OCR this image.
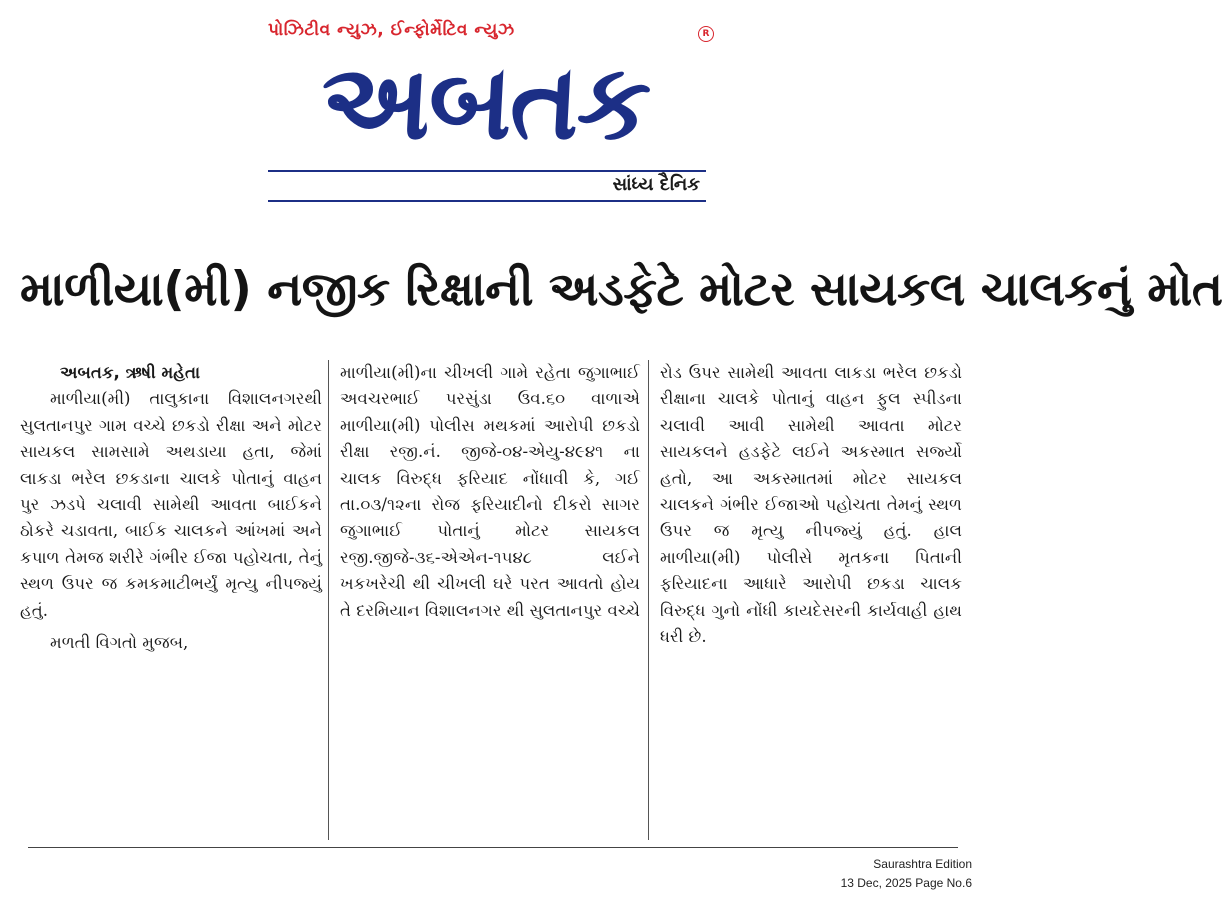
પોઝિટીવ ન્યુઝ, ઈન્ફોર્મેટિવ ન્યુઝ	R
અબતક
સાંધ્ય દૈનિક
માળીયા(મી) નજીક રિક્ષાની અડફેટે મોટર સાયકલ ચાલકનું મોત
અબતક, ઋષી મહેતા

માળીયા(મી) તાલુકાના વિશાલનગરથી સુલતાનપુર ગામ વચ્ચે છકડો રીક્ષા અને મોટર સાયકલ સામસામે અથડાયા હતા, જેમાં લાકડા ભરેલ છકડાના ચાલકે પોતાનું વાહન પુર ઝડપે ચલાવી સામેથી આવતા બાઈકને ઠોકરે ચડાવતા, બાઈક ચાલકને આંખમાં અને કપાળ તેમજ શરીરે ગંભીર ઈજા પહોચતા, તેનું સ્થળ ઉપર જ કમકમાટીભર્યું મૃત્યુ નીપજ્યું હતું.

મળતી વિગતો મુજબ,

માળીયા(મી)ના ચીખલી ગામે રહેતા જુગાભાઈ અવચરભાઈ પરસુંડા ઉવ.૬૦ વાળાએ માળીયા(મી) પોલીસ મથકમાં આરોપી છકડો રીક્ષા રજી.નં. જીજે-૦૪-એયુ-૪૯૪૧ ના ચાલક વિરુદ્ધ ફરિયાદ નોંધાવી કે, ગઈ તા.૦૩/૧૨ના રોજ ફરિયાદીનો દીકરો સાગર જુગાભાઈ પોતાનું મોટર સાયકલ રજી.જીજે-૩૬-એએન-૧૫૪૮ લઈને ખકખરેચી થી ચીખલી ઘરે પરત આવતો હોય તે દરમિયાન વિશાલનગર થી સુલતાનપુર વચ્ચે

રોડ ઉપર સામેથી આવતા લાકડા ભરેલ છકડો રીક્ષાના ચાલકે પોતાનું વાહન ફુલ સ્પીડના ચલાવી આવી સામેથી આવતા મોટર સાયકલને હડફેટે લઈને અકસ્માત સર્જ્યો હતો, આ અકસ્માતમાં મોટર સાયકલ ચાલકને ગંભીર ઈજાઓ પહોચતા તેમનું સ્થળ ઉપર જ મૃત્યુ નીપજ્યું હતું. હાલ માળીયા(મી) પોલીસે મૃતકના પિતાની ફરિયાદના આધારે આરોપી છકડા ચાલક વિરુદ્ધ ગુનો નોંધી કાયદેસરની કાર્યવાહી હાથ ધરી છે.

Saurashtra Edition
13 Dec, 2025 Page No.6
